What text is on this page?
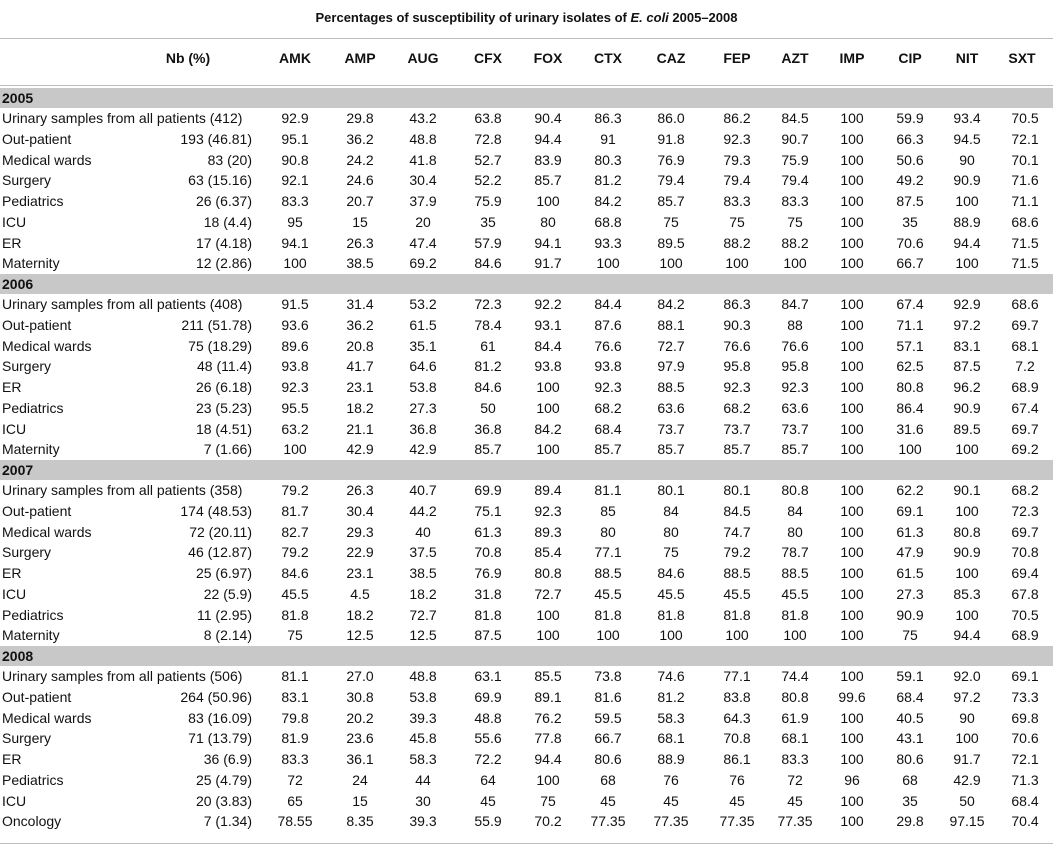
Percentages of susceptibility of urinary isolates of E. coli 2005–2008
Nb (%)	AMK	AMP	AUG	CFX	FOX	CTX	CAZ	FEP	AZT	IMP	CIP	NIT	SXT
2005
Urinary samples from all patients (412)	92.9	29.8	43.2	63.8	90.4	86.3	86.0	86.2	84.5	100	59.9	93.4	70.5
Out-patient	193 (46.81)	95.1	36.2	48.8	72.8	94.4	91	91.8	92.3	90.7	100	66.3	94.5	72.1
Medical wards	83 (20)	90.8	24.2	41.8	52.7	83.9	80.3	76.9	79.3	75.9	100	50.6	90	70.1
Surgery	63 (15.16)	92.1	24.6	30.4	52.2	85.7	81.2	79.4	79.4	79.4	100	49.2	90.9	71.6
Pediatrics	26 (6.37)	83.3	20.7	37.9	75.9	100	84.2	85.7	83.3	83.3	100	87.5	100	71.1
ICU	18 (4.4)	95	15	20	35	80	68.8	75	75	75	100	35	88.9	68.6
ER	17 (4.18)	94.1	26.3	47.4	57.9	94.1	93.3	89.5	88.2	88.2	100	70.6	94.4	71.5
Maternity	12 (2.86)	100	38.5	69.2	84.6	91.7	100	100	100	100	100	66.7	100	71.5
2006
Urinary samples from all patients (408)	91.5	31.4	53.2	72.3	92.2	84.4	84.2	86.3	84.7	100	67.4	92.9	68.6
Out-patient	211 (51.78)	93.6	36.2	61.5	78.4	93.1	87.6	88.1	90.3	88	100	71.1	97.2	69.7
Medical wards	75 (18.29)	89.6	20.8	35.1	61	84.4	76.6	72.7	76.6	76.6	100	57.1	83.1	68.1
Surgery	48 (11.4)	93.8	41.7	64.6	81.2	93.8	93.8	97.9	95.8	95.8	100	62.5	87.5	7.2
ER	26 (6.18)	92.3	23.1	53.8	84.6	100	92.3	88.5	92.3	92.3	100	80.8	96.2	68.9
Pediatrics	23 (5.23)	95.5	18.2	27.3	50	100	68.2	63.6	68.2	63.6	100	86.4	90.9	67.4
ICU	18 (4.51)	63.2	21.1	36.8	36.8	84.2	68.4	73.7	73.7	73.7	100	31.6	89.5	69.7
Maternity	7 (1.66)	100	42.9	42.9	85.7	100	85.7	85.7	85.7	85.7	100	100	100	69.2
2007
Urinary samples from all patients (358)	79.2	26.3	40.7	69.9	89.4	81.1	80.1	80.1	80.8	100	62.2	90.1	68.2
Out-patient	174 (48.53)	81.7	30.4	44.2	75.1	92.3	85	84	84.5	84	100	69.1	100	72.3
Medical wards	72 (20.11)	82.7	29.3	40	61.3	89.3	80	80	74.7	80	100	61.3	80.8	69.7
Surgery	46 (12.87)	79.2	22.9	37.5	70.8	85.4	77.1	75	79.2	78.7	100	47.9	90.9	70.8
ER	25 (6.97)	84.6	23.1	38.5	76.9	80.8	88.5	84.6	88.5	88.5	100	61.5	100	69.4
ICU	22 (5.9)	45.5	4.5	18.2	31.8	72.7	45.5	45.5	45.5	45.5	100	27.3	85.3	67.8
Pediatrics	11 (2.95)	81.8	18.2	72.7	81.8	100	81.8	81.8	81.8	81.8	100	90.9	100	70.5
Maternity	8 (2.14)	75	12.5	12.5	87.5	100	100	100	100	100	100	75	94.4	68.9
2008
Urinary samples from all patients (506)	81.1	27.0	48.8	63.1	85.5	73.8	74.6	77.1	74.4	100	59.1	92.0	69.1
Out-patient	264 (50.96)	83.1	30.8	53.8	69.9	89.1	81.6	81.2	83.8	80.8	99.6	68.4	97.2	73.3
Medical wards	83 (16.09)	79.8	20.2	39.3	48.8	76.2	59.5	58.3	64.3	61.9	100	40.5	90	69.8
Surgery	71 (13.79)	81.9	23.6	45.8	55.6	77.8	66.7	68.1	70.8	68.1	100	43.1	100	70.6
ER	36 (6.9)	83.3	36.1	58.3	72.2	94.4	80.6	88.9	86.1	83.3	100	80.6	91.7	72.1
Pediatrics	25 (4.79)	72	24	44	64	100	68	76	76	72	96	68	42.9	71.3
ICU	20 (3.83)	65	15	30	45	75	45	45	45	45	100	35	50	68.4
Oncology	7 (1.34)	78.55	8.35	39.3	55.9	70.2	77.35	77.35	77.35	77.35	100	29.8	97.15	70.4
